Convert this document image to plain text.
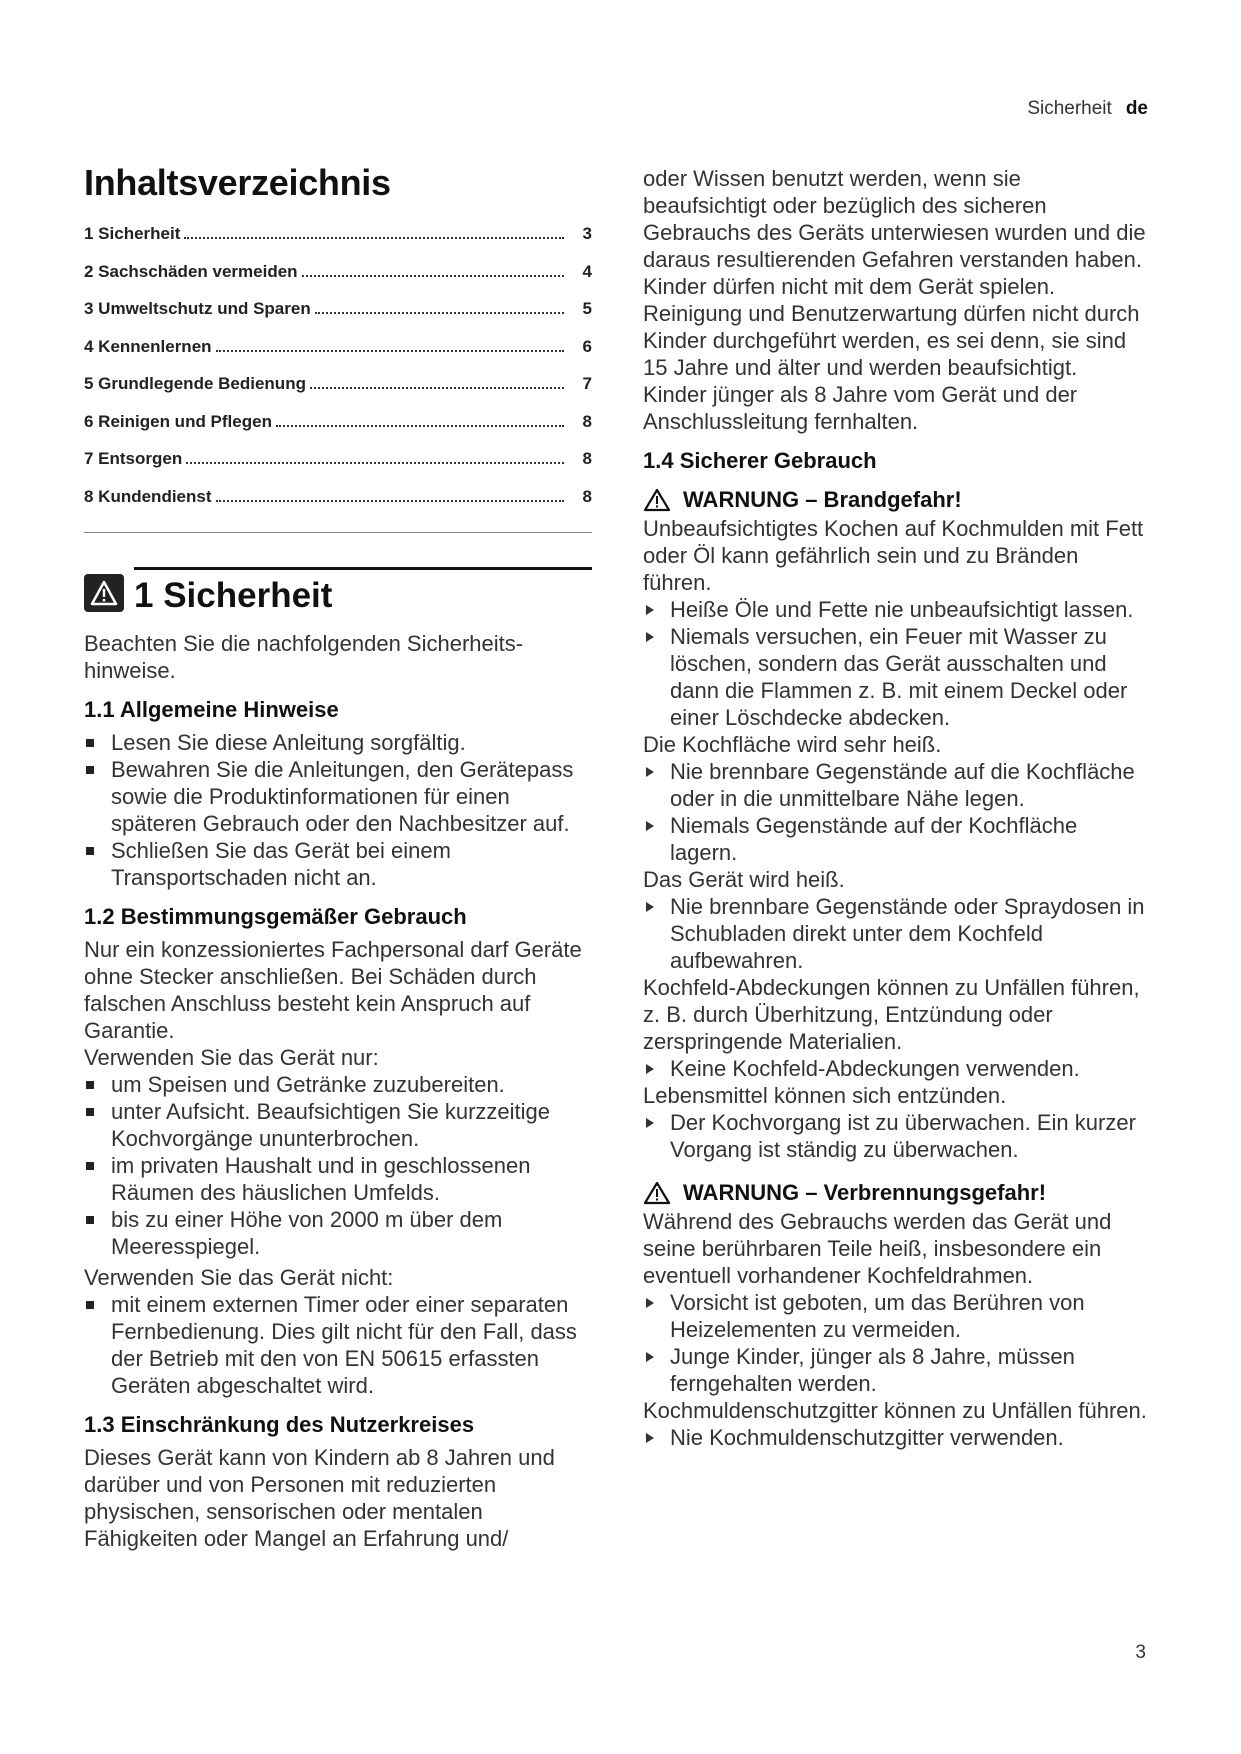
Sicherheit de
Inhaltsverzeichnis
1 Sicherheit	3
2 Sachschäden vermeiden	4
3 Umweltschutz und Sparen	5
4 Kennenlernen	6
5 Grundlegende Bedienung	7
6 Reinigen und Pflegen	8
7 Entsorgen	8
8 Kundendienst	8
1 Sicherheit

Beachten Sie die nachfolgenden Sicherheits-hinweise.

1.1 Allgemeine Hinweise
Lesen Sie diese Anleitung sorgfältig.
Bewahren Sie die Anleitungen, den Gerätepass sowie die Produktinformationen für einen späteren Gebrauch oder den Nachbesitzer auf.
Schließen Sie das Gerät bei einem Transportschaden nicht an.
1.2 Bestimmungsgemäßer Gebrauch

Nur ein konzessioniertes Fachpersonal darf Geräte ohne Stecker anschließen. Bei Schäden durch falschen Anschluss besteht kein Anspruch auf Garantie.

Verwenden Sie das Gerät nur:

um Speisen und Getränke zuzubereiten.
unter Aufsicht. Beaufsichtigen Sie kurzzeitige Kochvorgänge ununterbrochen.
im privaten Haushalt und in geschlossenen Räumen des häuslichen Umfelds.
bis zu einer Höhe von 2000 m über dem Meeresspiegel.

Verwenden Sie das Gerät nicht:

mit einem externen Timer oder einer separaten Fernbedienung. Dies gilt nicht für den Fall, dass der Betrieb mit den von EN 50615 erfassten Geräten abgeschaltet wird.
1.3 Einschränkung des Nutzerkreises

Dieses Gerät kann von Kindern ab 8 Jahren und darüber und von Personen mit reduzierten physischen, sensorischen oder mentalen Fähigkeiten oder Mangel an Erfahrung und/

oder Wissen benutzt werden, wenn sie beaufsichtigt oder bezüglich des sicheren Gebrauchs des Geräts unterwiesen wurden und die daraus resultierenden Gefahren verstanden haben.

Kinder dürfen nicht mit dem Gerät spielen.

Reinigung und Benutzerwartung dürfen nicht durch Kinder durchgeführt werden, es sei denn, sie sind 15 Jahre und älter und werden beaufsichtigt.

Kinder jünger als 8 Jahre vom Gerät und der Anschlussleitung fernhalten.

1.4 Sicherer Gebrauch
WARNUNG – Brandgefahr!

Unbeaufsichtigtes Kochen auf Kochmulden mit Fett oder Öl kann gefährlich sein und zu Bränden führen.

Heiße Öle und Fette nie unbeaufsichtigt lassen.
Niemals versuchen, ein Feuer mit Wasser zu löschen, sondern das Gerät ausschalten und dann die Flammen z. B. mit einem Deckel oder einer Löschdecke abdecken.

Die Kochfläche wird sehr heiß.

Nie brennbare Gegenstände auf die Kochfläche oder in die unmittelbare Nähe legen.
Niemals Gegenstände auf der Kochfläche lagern.

Das Gerät wird heiß.

Nie brennbare Gegenstände oder Spraydosen in Schubladen direkt unter dem Kochfeld aufbewahren.

Kochfeld-Abdeckungen können zu Unfällen führen, z. B. durch Überhitzung, Entzündung oder zerspringende Materialien.

Keine Kochfeld-Abdeckungen verwenden.

Lebensmittel können sich entzünden.

Der Kochvorgang ist zu überwachen. Ein kurzer Vorgang ist ständig zu überwachen.
WARNUNG – Verbrennungsgefahr!

Während des Gebrauchs werden das Gerät und seine berührbaren Teile heiß, insbesondere ein eventuell vorhandener Kochfeldrahmen.

Vorsicht ist geboten, um das Berühren von Heizelementen zu vermeiden.
Junge Kinder, jünger als 8 Jahre, müssen ferngehalten werden.

Kochmuldenschutzgitter können zu Unfällen führen.

Nie Kochmuldenschutzgitter verwenden.
3
